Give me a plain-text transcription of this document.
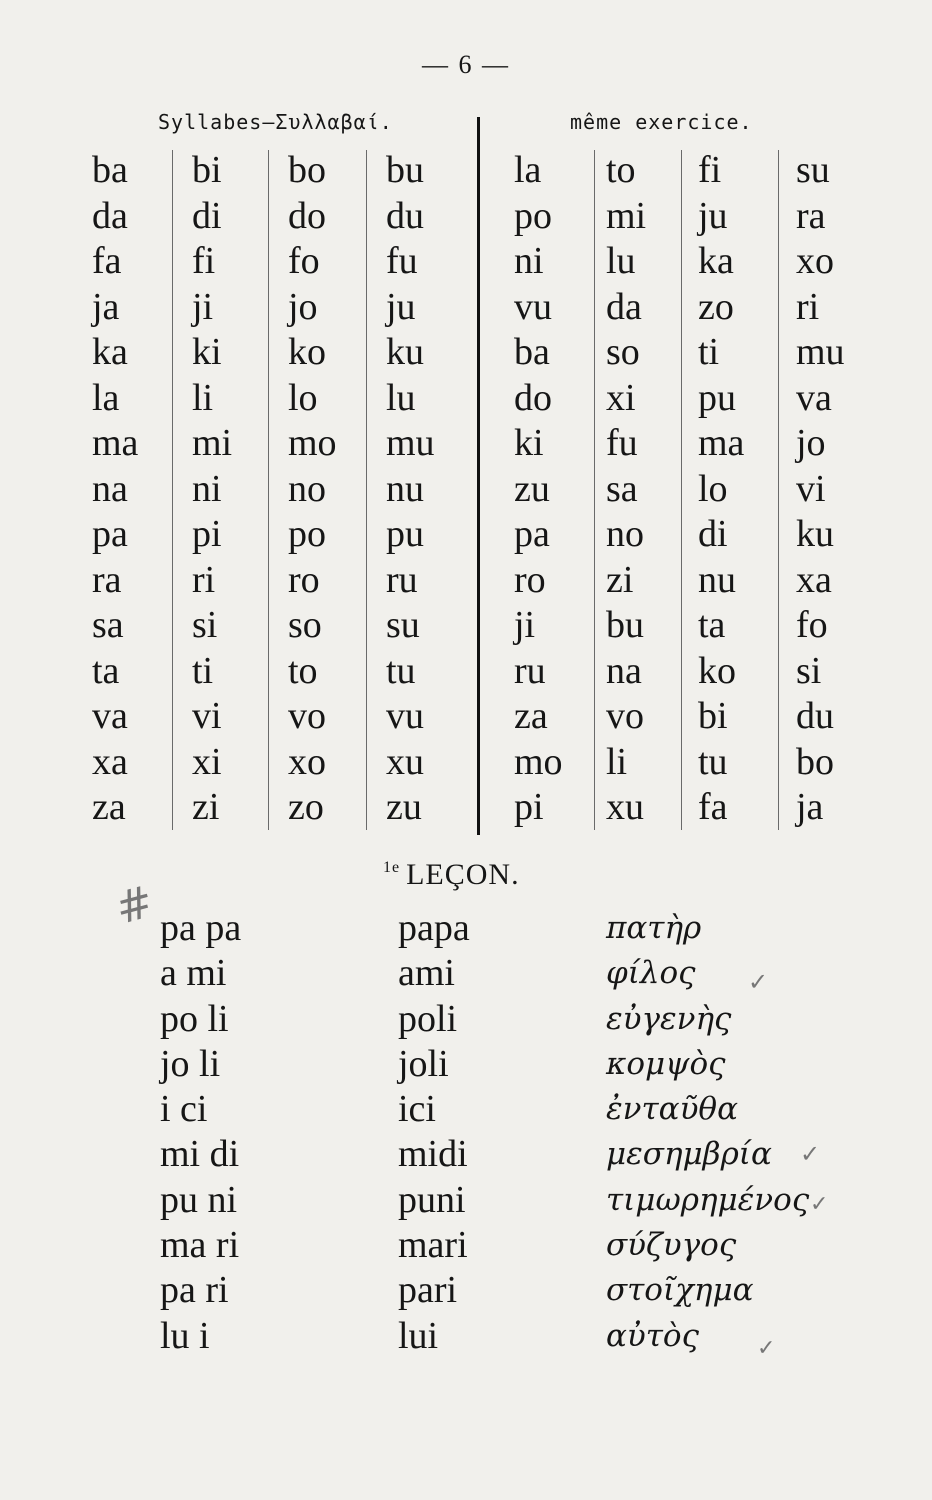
— 6 —
Syllabes—Συλλαβαί.	même exercice.
ba
da
fa
ja
ka
la
ma
na
pa
ra
sa
ta
va
xa
za
bi
di
fi
ji
ki
li
mi
ni
pi
ri
si
ti
vi
xi
zi
bo
do
fo
jo
ko
lo
mo
no
po
ro
so
to
vo
xo
zo
bu
du
fu
ju
ku
lu
mu
nu
pu
ru
su
tu
vu
xu
zu
la
po
ni
vu
ba
do
ki
zu
pa
ro
ji
ru
za
mo
pi
to
mi
lu
da
so
xi
fu
sa
no
zi
bu
na
vo
li
xu
fi
ju
ka
zo
ti
pu
ma
lo
di
nu
ta
ko
bi
tu
fa
su
ra
xo
ri
mu
va
jo
vi
ku
xa
fo
si
du
bo
ja
$^{1e}$ LEÇON.
#
✓
✓
✓
✓
pa pa
a mi
po li
jo li
i ci
mi di
pu ni
ma ri
pa ri
lu i
papa
ami
poli
joli
ici
midi
puni
mari
pari
lui
πατὴρ
φίλος
εὐγενὴς
κομψὸς
ἐνταῦθα
μεσημβρία
τιμωρημένος
σύζυγος
στοῖχημα
αὐτὸς
